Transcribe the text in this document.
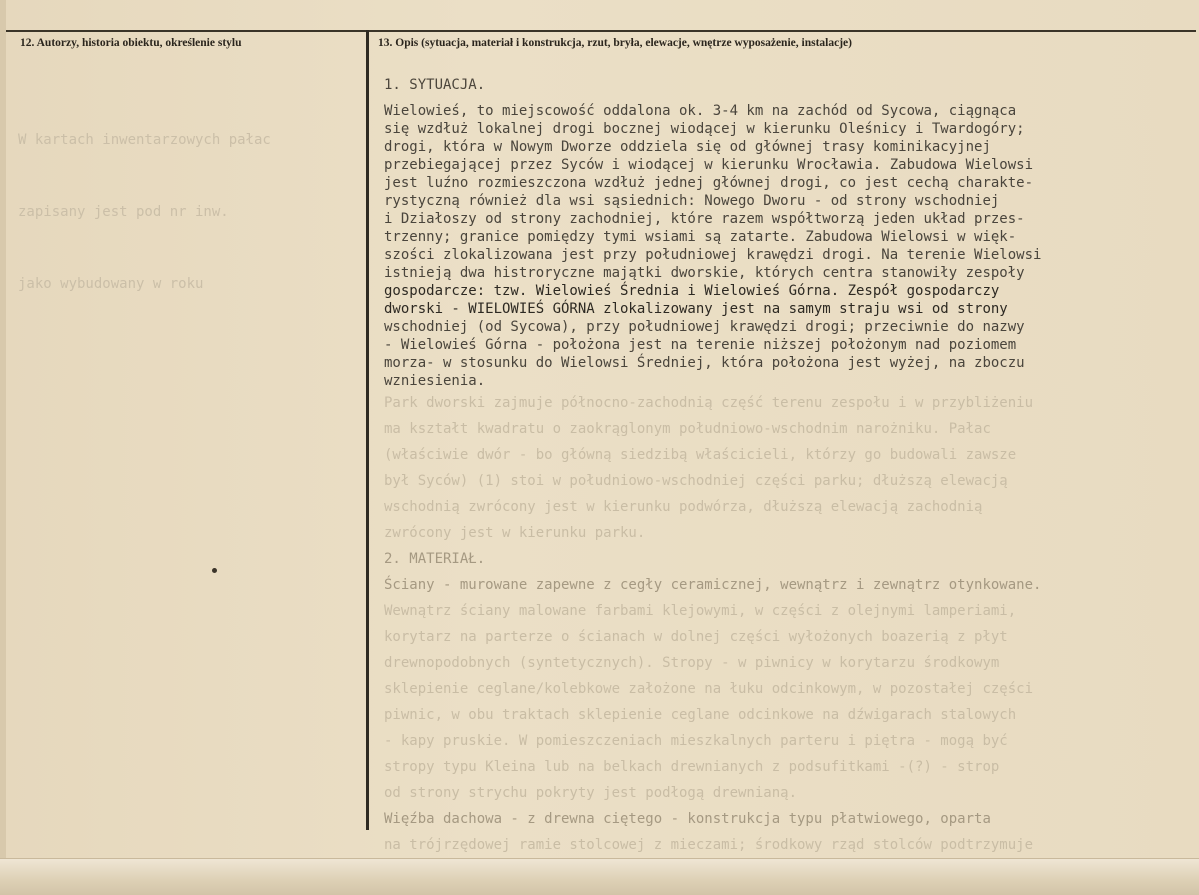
12. Autorzy, historia obiektu, określenie stylu	13. Opis (sytuacja, materiał i konstrukcja, rzut, bryła, elewacje, wnętrze wyposażenie, instalacje)

W kartach inwentarzowych pałac

zapisany jest pod nr inw.

jako wybudowany w roku

1. SYTUACJA.
Wielowieś, to miejscowość oddalona ok. 3-4 km na zachód od Sycowa, ciągnąca
się wzdłuż lokalnej drogi bocznej wiodącej w kierunku Oleśnicy i Twardogóry;
drogi, która w Nowym Dworze oddziela się od głównej trasy kominikacyjnej
przebiegającej przez Syców i wiodącej w kierunku Wrocławia. Zabudowa Wielowsi
jest luźno rozmieszczona wzdłuż jednej głównej drogi, co jest cechą charakte-
rystyczną również dla wsi sąsiednich: Nowego Dworu - od strony wschodniej
i Działoszy od strony zachodniej, które razem współtworzą jeden układ przes-
trzenny; granice pomiędzy tymi wsiami są zatarte. Zabudowa Wielowsi w więk-
szości zlokalizowana jest przy południowej krawędzi drogi. Na terenie Wielowsi
istnieją dwa histroryczne majątki dworskie, których centra stanowiły zespoły
gospodarcze: tzw. Wielowieś Średnia i Wielowieś Górna. Zespół gospodarczy
dworski - WIELOWIEŚ GÓRNA zlokalizowany jest na samym straju wsi od strony
wschodniej (od Sycowa), przy południowej krawędzi drogi; przeciwnie do nazwy
- Wielowieś Górna - położona jest na terenie niższej położonym nad poziomem
morza- w stosunku do Wielowsi Średniej, która położona jest wyżej, na zboczu
wzniesienia.
Park dworski zajmuje północno-zachodnią część terenu zespołu i w przybliżeniu
ma kształt kwadratu o zaokrąglonym południowo-wschodnim narożniku. Pałac
(właściwie dwór - bo główną siedzibą właścicieli, którzy go budowali zawsze
był Syców) (1) stoi w południowo-wschodniej części parku; dłuższą elewacją
wschodnią zwrócony jest w kierunku podwórza, dłuższą elewacją zachodnią
zwrócony jest w kierunku parku.
2. MATERIAŁ.
Ściany - murowane zapewne z cegły ceramicznej, wewnątrz i zewnątrz otynkowane.
Wewnątrz ściany malowane farbami klejowymi, w części z olejnymi lamperiami,
korytarz na parterze o ścianach w dolnej części wyłożonych boazerią z płyt
drewnopodobnych (syntetycznych). Stropy - w piwnicy w korytarzu środkowym
sklepienie ceglane/kolebkowe założone na łuku odcinkowym, w pozostałej części
piwnic, w obu traktach sklepienie ceglane odcinkowe na dźwigarach stalowych
- kapy pruskie. W pomieszczeniach mieszkalnych parteru i piętra - mogą być
stropy typu Kleina lub na belkach drewnianych z podsufitkami -(?) - strop
od strony strychu pokryty jest podłogą drewnianą.
Więźba dachowa - z drewna ciętego - konstrukcja typu płatwiowego, oparta
na trójrzędowej ramie stolcowej z mieczami; środkowy rząd stolców podtrzymuje
